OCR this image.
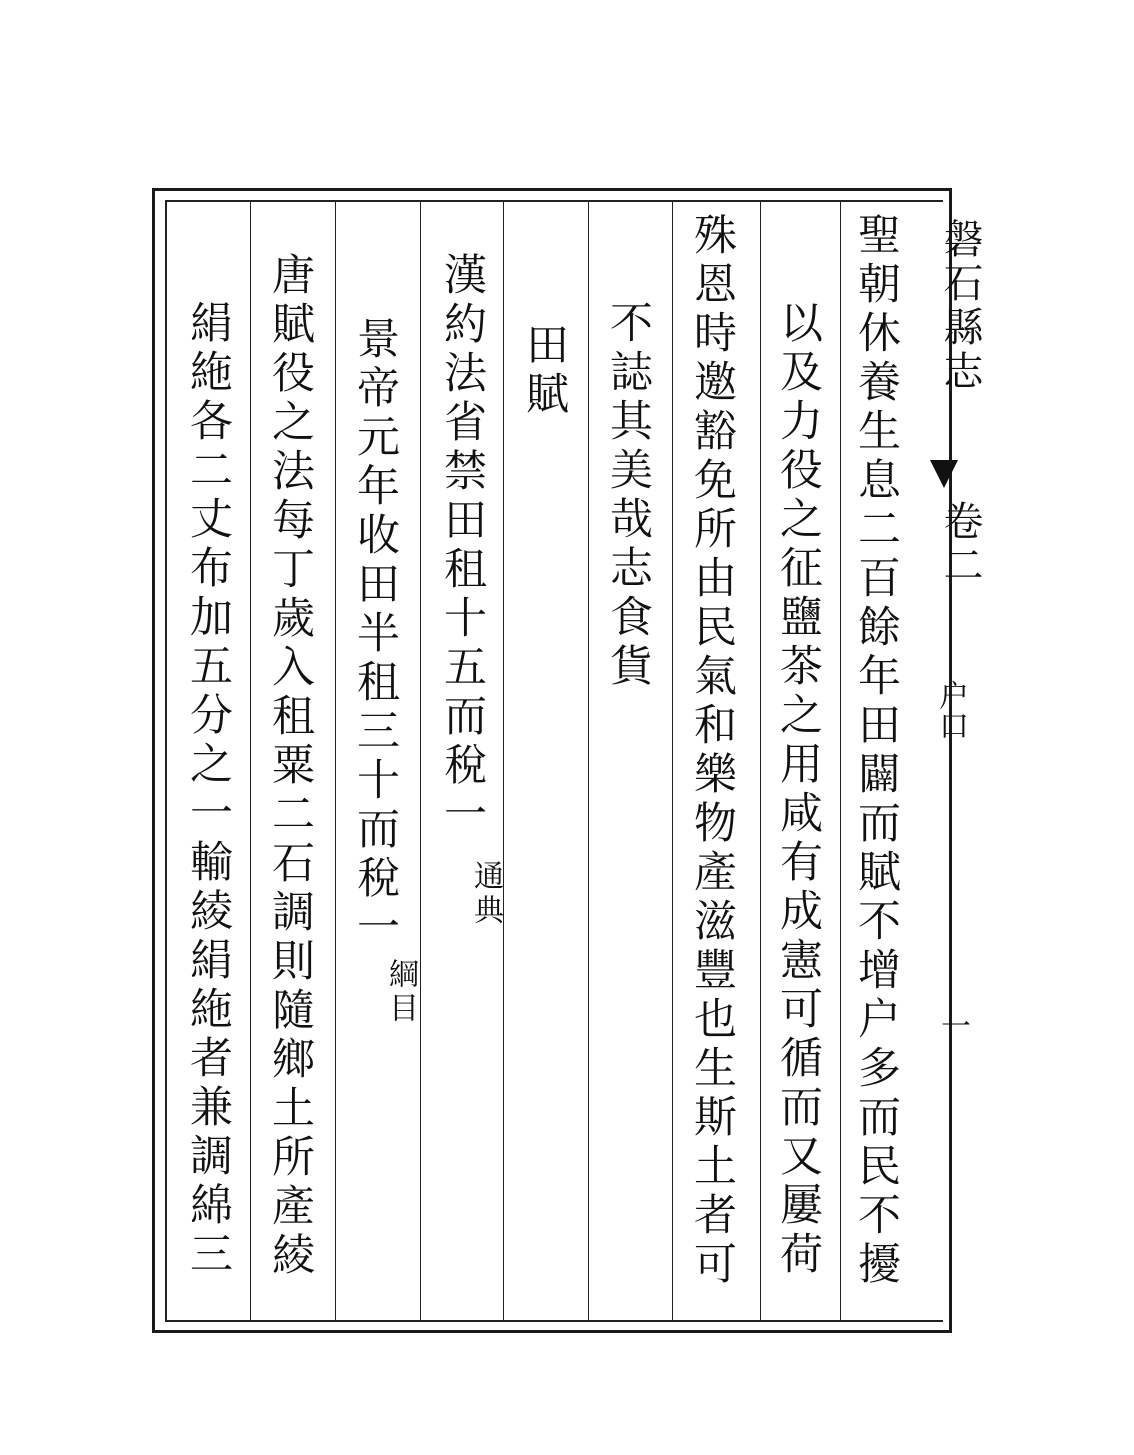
磐石縣志
卷二
户口
一
聖朝休養生息二百餘年田闢而賦不增户多而民不擾
以及力役之征鹽茶之用咸有成憲可循而又屢荷
殊恩時邀豁免所由民氣和樂物產滋豐也生斯土者可
不誌其美哉志食貨
田賦
漢約法省禁田租十五而稅一
通典
景帝元年收田半租三十而稅一
綱目
唐賦役之法每丁歲入租粟二石調則隨鄉土所產綾
絹絁各二丈布加五分之一輸綾絹絁者兼調綿三
